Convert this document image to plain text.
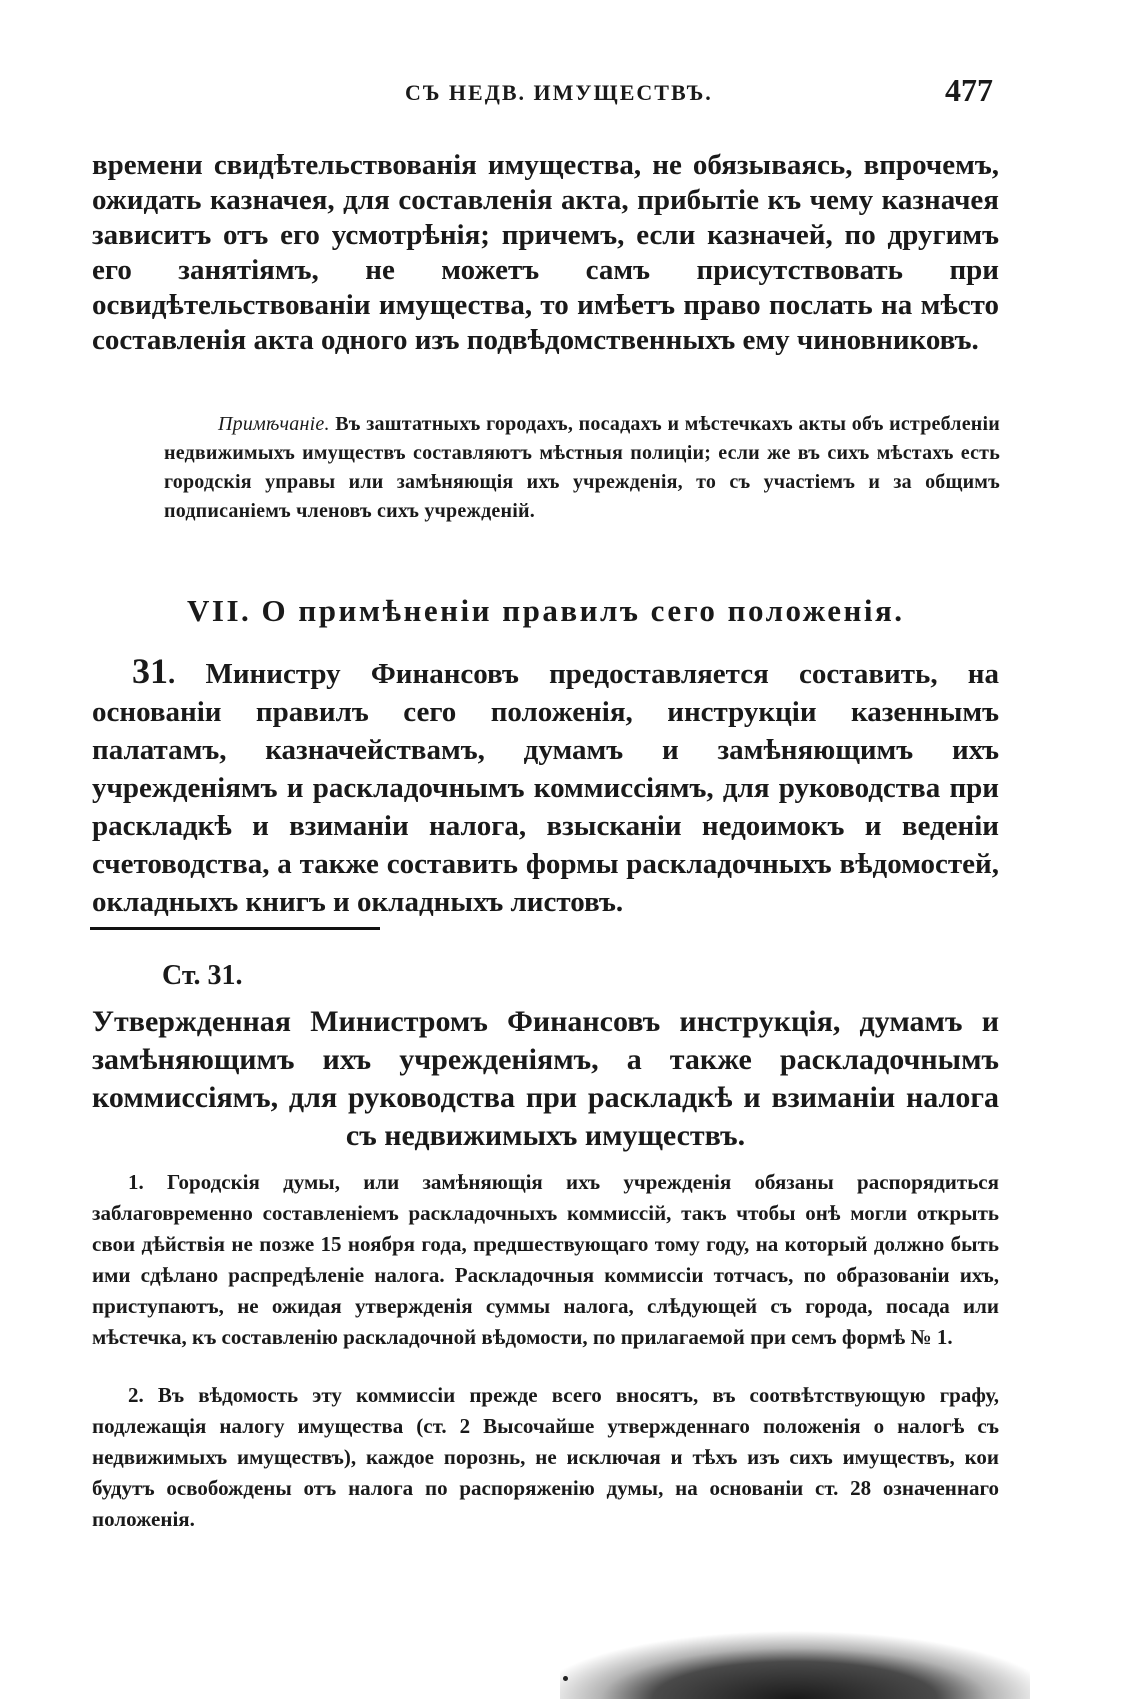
СЪ НЕДВ. ИМУЩЕСТВЪ.	477

времени свидѣтельствованія имущества, не обязываясь, впрочемъ, ожидать казначея, для составленія акта, прибытіе къ чему казначея зависитъ отъ его усмотрѣнія; причемъ, если казначей, по другимъ его занятіямъ, не можетъ самъ присутствовать при освидѣтельствованіи имущества, то имѣетъ право послать на мѣсто составленія акта одного изъ подвѣдомственныхъ ему чиновниковъ.

Примѣчаніе. Въ заштатныхъ городахъ, посадахъ и мѣстечкахъ акты объ истребленіи недвижимыхъ имуществъ составляютъ мѣстныя полиціи; если же въ сихъ мѣстахъ есть городскія управы или замѣняющія ихъ учрежденія, то съ участіемъ и за общимъ подписаніемъ членовъ сихъ учрежденій.

VII. О примѣненіи правилъ сего положенія.

31. Министру Финансовъ предоставляется составить, на основаніи правилъ сего положенія, инструкціи казеннымъ палатамъ, казначействамъ, думамъ и замѣняющимъ ихъ учрежденіямъ и раскладочнымъ коммиссіямъ, для руководства при раскладкѣ и взиманіи налога, взысканіи недоимокъ и веденіи счетоводства, а также составить формы раскладочныхъ вѣдомостей, окладныхъ книгъ и окладныхъ листовъ.

Ст. 31.

Утвержденная Министромъ Финансовъ инструкція, думамъ и замѣняющимъ ихъ учрежденіямъ, а также раскладочнымъ коммиссіямъ, для руководства при раскладкѣ и взиманіи налога съ недвижимыхъ имуществъ.

1. Городскія думы, или замѣняющія ихъ учрежденія обязаны распорядиться заблаговременно составленіемъ раскладочныхъ коммиссій, такъ чтобы онѣ могли открыть свои дѣйствія не позже 15 ноября года, предшествующаго тому году, на который должно быть ими сдѣлано распредѣленіе налога. Раскладочныя коммиссіи тотчасъ, по образованіи ихъ, приступаютъ, не ожидая утвержденія суммы налога, слѣдующей съ города, посада или мѣстечка, къ составленію раскладочной вѣдомости, по прилагаемой при семъ формѣ № 1.

2. Въ вѣдомость эту коммиссіи прежде всего вносятъ, въ соотвѣтствующую графу, подлежащія налогу имущества (ст. 2 Высочайше утвержденнаго положенія о налогѣ съ недвижимыхъ имуществъ), каждое порознь, не исключая и тѣхъ изъ сихъ имуществъ, кои будутъ освобождены отъ налога по распоряженію думы, на основаніи ст. 28 означеннаго положенія.
